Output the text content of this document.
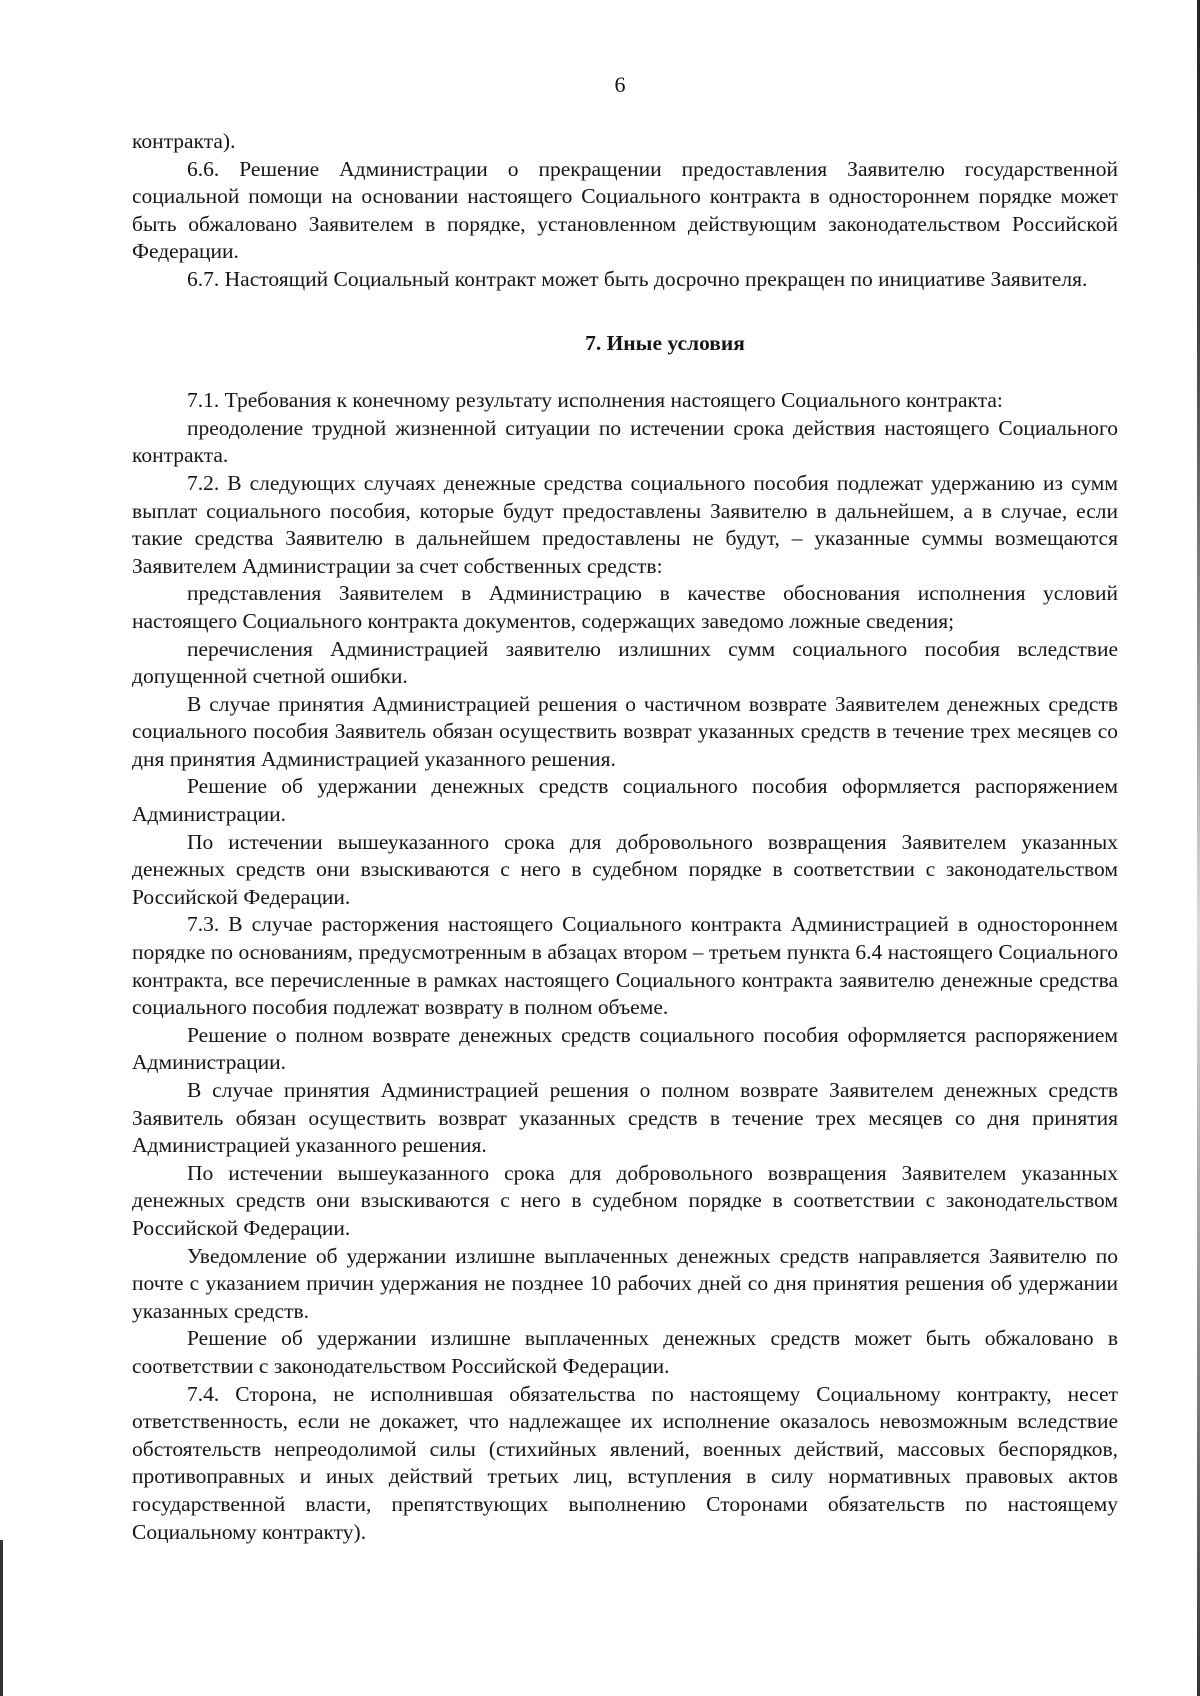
6

контракта).

6.6. Решение Администрации о прекращении предоставления Заявителю государственной социальной помощи на основании настоящего Социального контракта в одностороннем порядке может быть обжаловано Заявителем в порядке, установленном действующим законодательством Российской Федерации.

6.7. Настоящий Социальный контракт может быть досрочно прекращен по инициативе Заявителя.

7. Иные условия

7.1. Требования к конечному результату исполнения настоящего Социального контракта:

преодоление трудной жизненной ситуации по истечении срока действия настоящего Социального контракта.

7.2. В следующих случаях денежные средства социального пособия подлежат удержанию из сумм выплат социального пособия, которые будут предоставлены Заявителю в дальнейшем, а в случае, если такие средства Заявителю в дальнейшем предоставлены не будут, – указанные суммы возмещаются Заявителем Администрации за счет собственных средств:

представления Заявителем в Администрацию в качестве обоснования исполнения условий настоящего Социального контракта документов, содержащих заведомо ложные сведения;

перечисления Администрацией заявителю излишних сумм социального пособия вследствие допущенной счетной ошибки.

В случае принятия Администрацией решения о частичном возврате Заявителем денежных средств социального пособия Заявитель обязан осуществить возврат указанных средств в течение трех месяцев со дня принятия Администрацией указанного решения.

Решение об удержании денежных средств социального пособия оформляется распоряжением Администрации.

По истечении вышеуказанного срока для добровольного возвращения Заявителем указанных денежных средств они взыскиваются с него в судебном порядке в соответствии с законодательством Российской Федерации.

7.3. В случае расторжения настоящего Социального контракта Администрацией в одностороннем порядке по основаниям, предусмотренным в абзацах втором – третьем пункта 6.4 настоящего Социального контракта, все перечисленные в рамках настоящего Социального контракта заявителю денежные средства социального пособия подлежат возврату в полном объеме.

Решение о полном возврате денежных средств социального пособия оформляется распоряжением Администрации.

В случае принятия Администрацией решения о полном возврате Заявителем денежных средств Заявитель обязан осуществить возврат указанных средств в течение трех месяцев со дня принятия Администрацией указанного решения.

По истечении вышеуказанного срока для добровольного возвращения Заявителем указанных денежных средств они взыскиваются с него в судебном порядке в соответствии с законодательством Российской Федерации.

Уведомление об удержании излишне выплаченных денежных средств направляется Заявителю по почте с указанием причин удержания не позднее 10 рабочих дней со дня принятия решения об удержании указанных средств.

Решение об удержании излишне выплаченных денежных средств может быть обжаловано в соответствии с законодательством Российской Федерации.

7.4. Сторона, не исполнившая обязательства по настоящему Социальному контракту, несет ответственность, если не докажет, что надлежащее их исполнение оказалось невозможным вследствие обстоятельств непреодолимой силы (стихийных явлений, военных действий, массовых беспорядков, противоправных и иных действий третьих лиц, вступления в силу нормативных правовых актов государственной власти, препятствующих выполнению Сторонами обязательств по настоящему Социальному контракту).
